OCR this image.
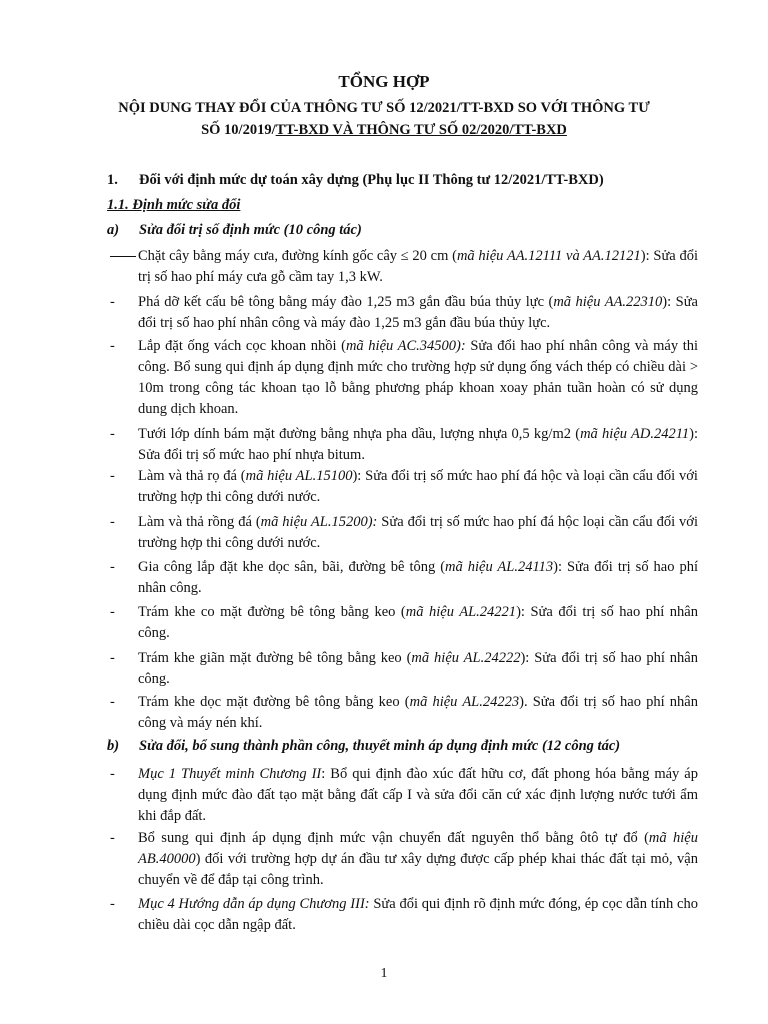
TỔNG HỢP
NỘI DUNG THAY ĐỔI CỦA THÔNG TƯ SỐ 12/2021/TT-BXD SO VỚI THÔNG TƯ
SỐ 10/2019/TT-BXD VÀ THÔNG TƯ SỐ 02/2020/TT-BXD
1. Đối với định mức dự toán xây dựng (Phụ lục II Thông tư 12/2021/TT-BXD)
1.1. Định mức sửa đổi
a) Sửa đổi trị số định mức (10 công tác)
Chặt cây bằng máy cưa, đường kính gốc cây ≤ 20 cm (mã hiệu AA.12111 và AA.12121): Sửa đổi trị số hao phí máy cưa gỗ cầm tay 1,3 kW.
- Phá dỡ kết cấu bê tông bằng máy đào 1,25 m3 gắn đầu búa thủy lực (mã hiệu AA.22310): Sửa đổi trị số hao phí nhân công và máy đào 1,25 m3 gắn đầu búa thủy lực.
- Lắp đặt ống vách cọc khoan nhồi (mã hiệu AC.34500): Sửa đổi hao phí nhân công và máy thi công. Bổ sung qui định áp dụng định mức cho trường hợp sử dụng ống vách thép có chiều dài > 10m trong công tác khoan tạo lỗ bằng phương pháp khoan xoay phản tuần hoàn có sử dụng dung dịch khoan.
- Tưới lớp dính bám mặt đường bằng nhựa pha dầu, lượng nhựa 0,5 kg/m2 (mã hiệu AD.24211): Sửa đổi trị số mức hao phí nhựa bitum.
- Làm và thả rọ đá (mã hiệu AL.15100): Sửa đổi trị số mức hao phí đá hộc và loại cần cẩu đối với trường hợp thi công dưới nước.
- Làm và thả rồng đá (mã hiệu AL.15200): Sửa đổi trị số mức hao phí đá hộc loại cần cẩu đối với trường hợp thi công dưới nước.
- Gia công lắp đặt khe dọc sân, bãi, đường bê tông (mã hiệu AL.24113): Sửa đổi trị số hao phí nhân công.
- Trám khe co mặt đường bê tông bằng keo (mã hiệu AL.24221): Sửa đổi trị số hao phí nhân công.
- Trám khe giãn mặt đường bê tông bằng keo (mã hiệu AL.24222): Sửa đổi trị số hao phí nhân công.
- Trám khe dọc mặt đường bê tông bằng keo (mã hiệu AL.24223). Sửa đổi trị số hao phí nhân công và máy nén khí.
b) Sửa đổi, bổ sung thành phần công, thuyết minh áp dụng định mức (12 công tác)
- Mục 1 Thuyết minh Chương II: Bổ qui định đào xúc đất hữu cơ, đất phong hóa bằng máy áp dụng định mức đào đất tạo mặt bằng đất cấp I và sửa đổi căn cứ xác định lượng nước tưới ẩm khi đắp đất.
- Bổ sung qui định áp dụng định mức vận chuyển đất nguyên thổ bằng ôtô tự đổ (mã hiệu AB.40000) đối với trường hợp dự án đầu tư xây dựng được cấp phép khai thác đất tại mỏ, vận chuyển về để đắp tại công trình.
- Mục 4 Hướng dẫn áp dụng Chương III: Sửa đổi qui định rõ định mức đóng, ép cọc dẫn tính cho chiều dài cọc dẫn ngập đất.
1
